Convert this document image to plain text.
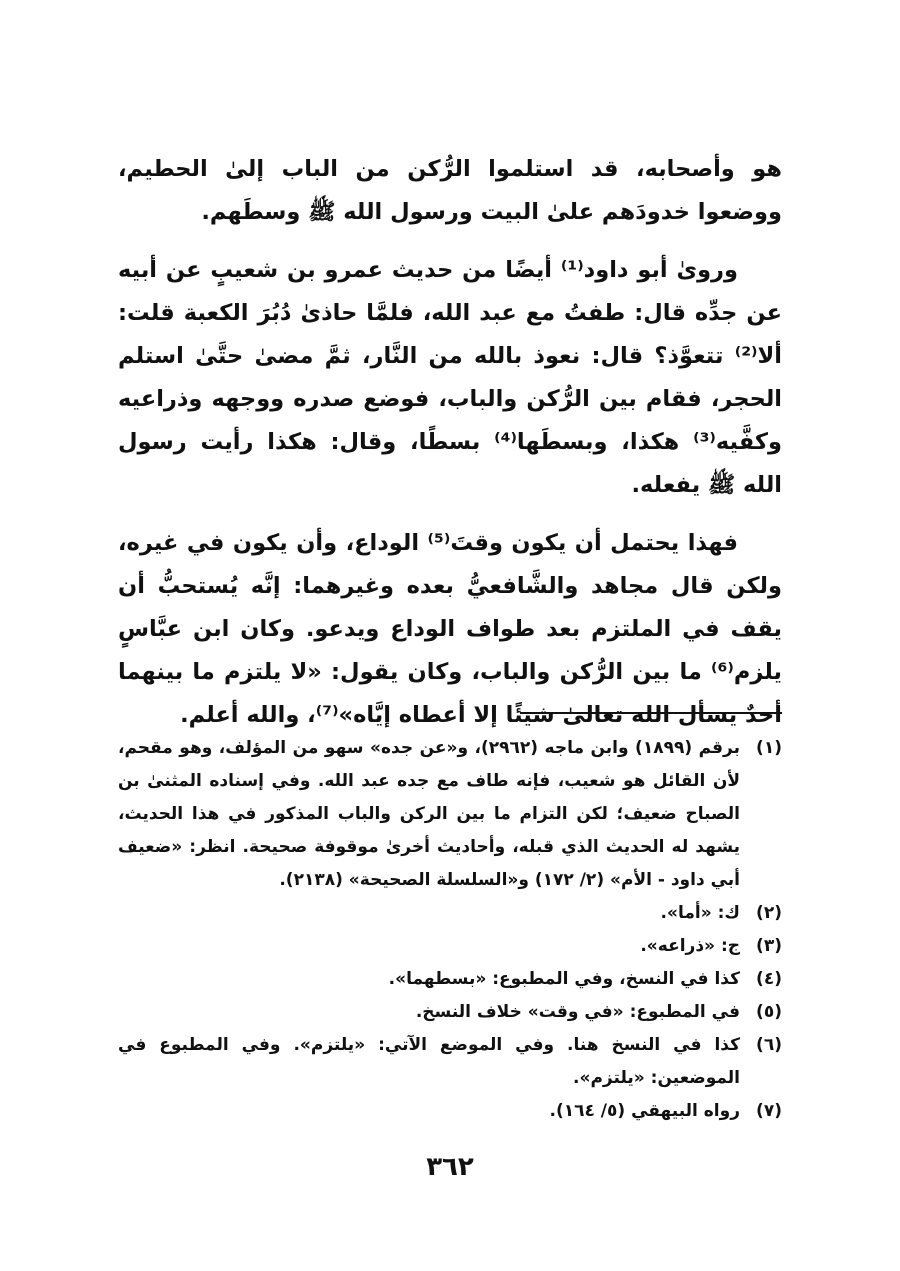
هو وأصحابه، قد استلموا الرُّكن من الباب إلىٰ الحطيم، ووضعوا خدودَهم علىٰ البيت ورسول الله ﷺ وسطَهم.

وروىٰ أبو داود⁽¹⁾ أيضًا من حديث عمرو بن شعيبٍ عن أبيه عن جدِّه قال: طفتُ مع عبد الله، فلمَّا حاذىٰ دُبُرَ الكعبة قلت: ألا⁽²⁾ تتعوَّذ؟ قال: نعوذ بالله من النَّار، ثمَّ مضىٰ حتَّىٰ استلم الحجر، فقام بين الرُّكن والباب، فوضع صدره ووجهه وذراعيه وكفَّيه⁽³⁾ هكذا، وبسطَها⁽⁴⁾ بسطًا، وقال: هكذا رأيت رسول الله ﷺ يفعله.

فهذا يحتمل أن يكون وقتَ⁽⁵⁾ الوداع، وأن يكون في غيره، ولكن قال مجاهد والشَّافعيُّ بعده وغيرهما: إنَّه يُستحبُّ أن يقف في الملتزم بعد طواف الوداع ويدعو. وكان ابن عبَّاسٍ يلزم⁽⁶⁾ ما بين الرُّكن والباب، وكان يقول: «لا يلتزم ما بينهما أحدٌ يسأل الله تعالىٰ شيئًا إلا أعطاه إيَّاه»⁽⁷⁾، والله أعلم.

(١)
برقم (١٨٩٩) وابن ماجه (٢٩٦٢)، و«عن جده» سهو من المؤلف، وهو مقحم، لأن القائل هو شعيب، فإنه طاف مع جده عبد الله. وفي إسناده المثنىٰ بن الصباح ضعيف؛ لكن التزام ما بين الركن والباب المذكور في هذا الحديث، يشهد له الحديث الذي قبله، وأحاديث أخرىٰ موقوفة صحيحة. انظر: «ضعيف أبي داود - الأم» (٢/ ١٧٢) و«السلسلة الصحيحة» (٢١٣٨).
(٢)
ك: «أما».
(٣)
ج: «ذراعه».
(٤)
كذا في النسخ، وفي المطبوع: «بسطهما».
(٥)
في المطبوع: «في وقت» خلاف النسخ.
(٦)
كذا في النسخ هنا. وفي الموضع الآتي: «يلتزم». وفي المطبوع في الموضعين: «يلتزم».
(٧)
رواه البيهقي (٥/ ١٦٤).
٣٦٢
